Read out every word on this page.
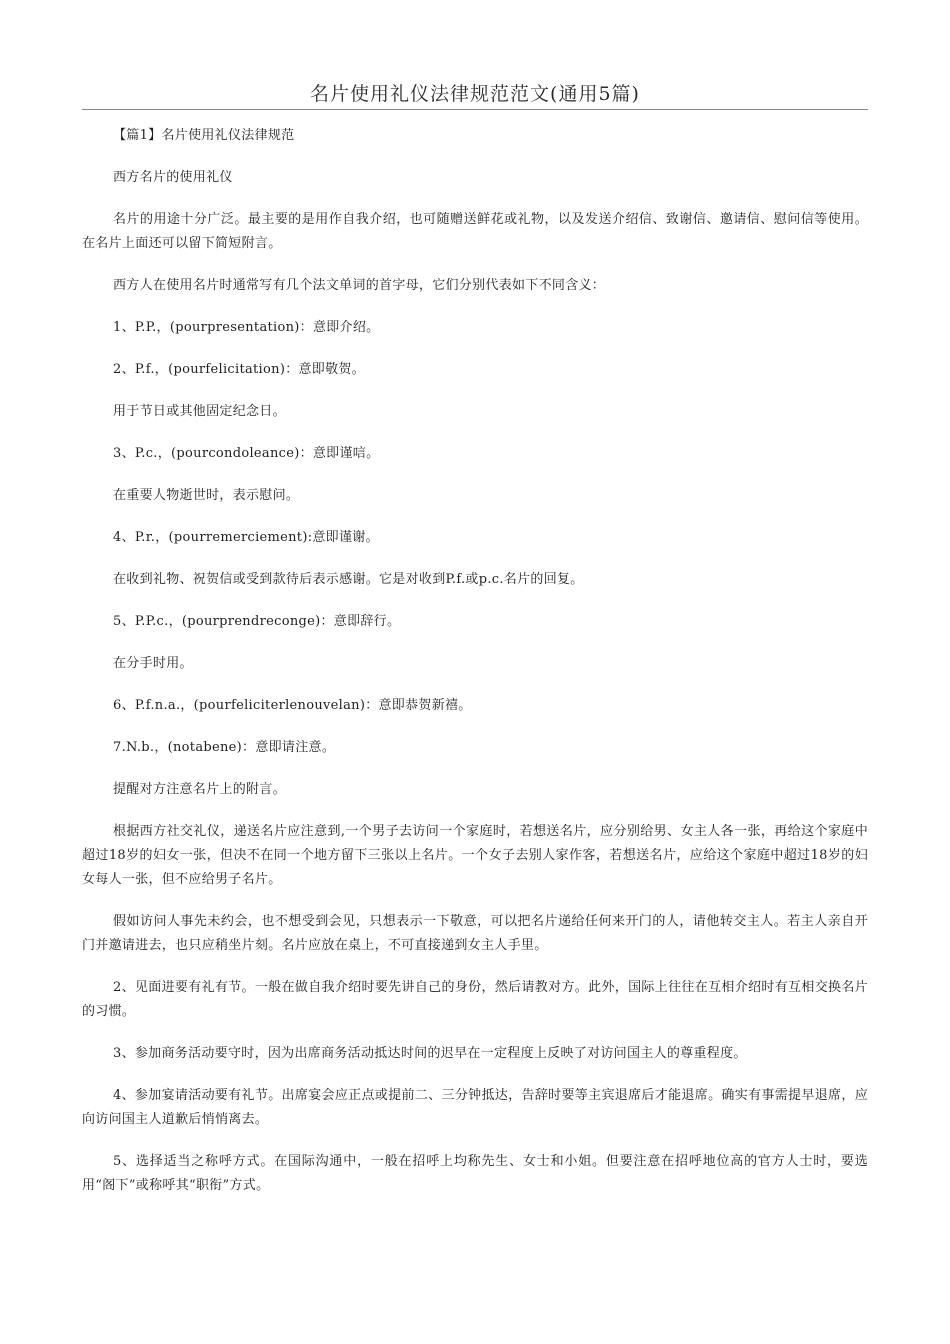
名片使用礼仪法律规范范文(通用5篇)

【篇1】名片使用礼仪法律规范

西方名片的使用礼仪

名片的用途十分广泛。最主要的是用作自我介绍，也可随赠送鲜花或礼物，以及发送介绍信、致谢信、邀请信、慰问信等使用。在名片上面还可以留下简短附言。

西方人在使用名片时通常写有几个法文单词的首字母，它们分别代表如下不同含义：

1、P.P.，(pourpresentation)：意即介绍。

2、P.f.，(pourfelicitation)：意即敬贺。

用于节日或其他固定纪念日。

3、P.c.，(pourcondoleance)：意即谨唁。

在重要人物逝世时，表示慰问。

4、P.r.，(pourremerciement):意即谨谢。

在收到礼物、祝贺信或受到款待后表示感谢。它是对收到P.f.或p.c.名片的回复。

5、P.P.c.，(pourprendreconge)：意即辞行。

在分手时用。

6、P.f.n.a.，(pourfeliciterlenouvelan)：意即恭贺新禧。

7.N.b.，(notabene)：意即请注意。

提醒对方注意名片上的附言。

根据西方社交礼仪，递送名片应注意到,一个男子去访问一个家庭时，若想送名片，应分别给男、女主人各一张，再给这个家庭中超过18岁的妇女一张，但决不在同一个地方留下三张以上名片。一个女子去别人家作客，若想送名片，应给这个家庭中超过18岁的妇女每人一张，但不应给男子名片。

假如访问人事先未约会，也不想受到会见，只想表示一下敬意，可以把名片递给任何来开门的人，请他转交主人。若主人亲自开门并邀请进去，也只应稍坐片刻。名片应放在桌上，不可直接递到女主人手里。

2、见面进要有礼有节。一般在做自我介绍时要先讲自己的身份，然后请教对方。此外，国际上往往在互相介绍时有互相交换名片的习惯。

3、参加商务活动要守时，因为出席商务活动抵达时间的迟早在一定程度上反映了对访问国主人的尊重程度。

4、参加宴请活动要有礼节。出席宴会应正点或提前二、三分钟抵达，告辞时要等主宾退席后才能退席。确实有事需提早退席，应向访问国主人道歉后悄悄离去。

5、选择适当之称呼方式。在国际沟通中，一般在招呼上均称先生、女士和小姐。但要注意在招呼地位高的官方人士时，要选用“阁下”或称呼其“职衔”方式。
